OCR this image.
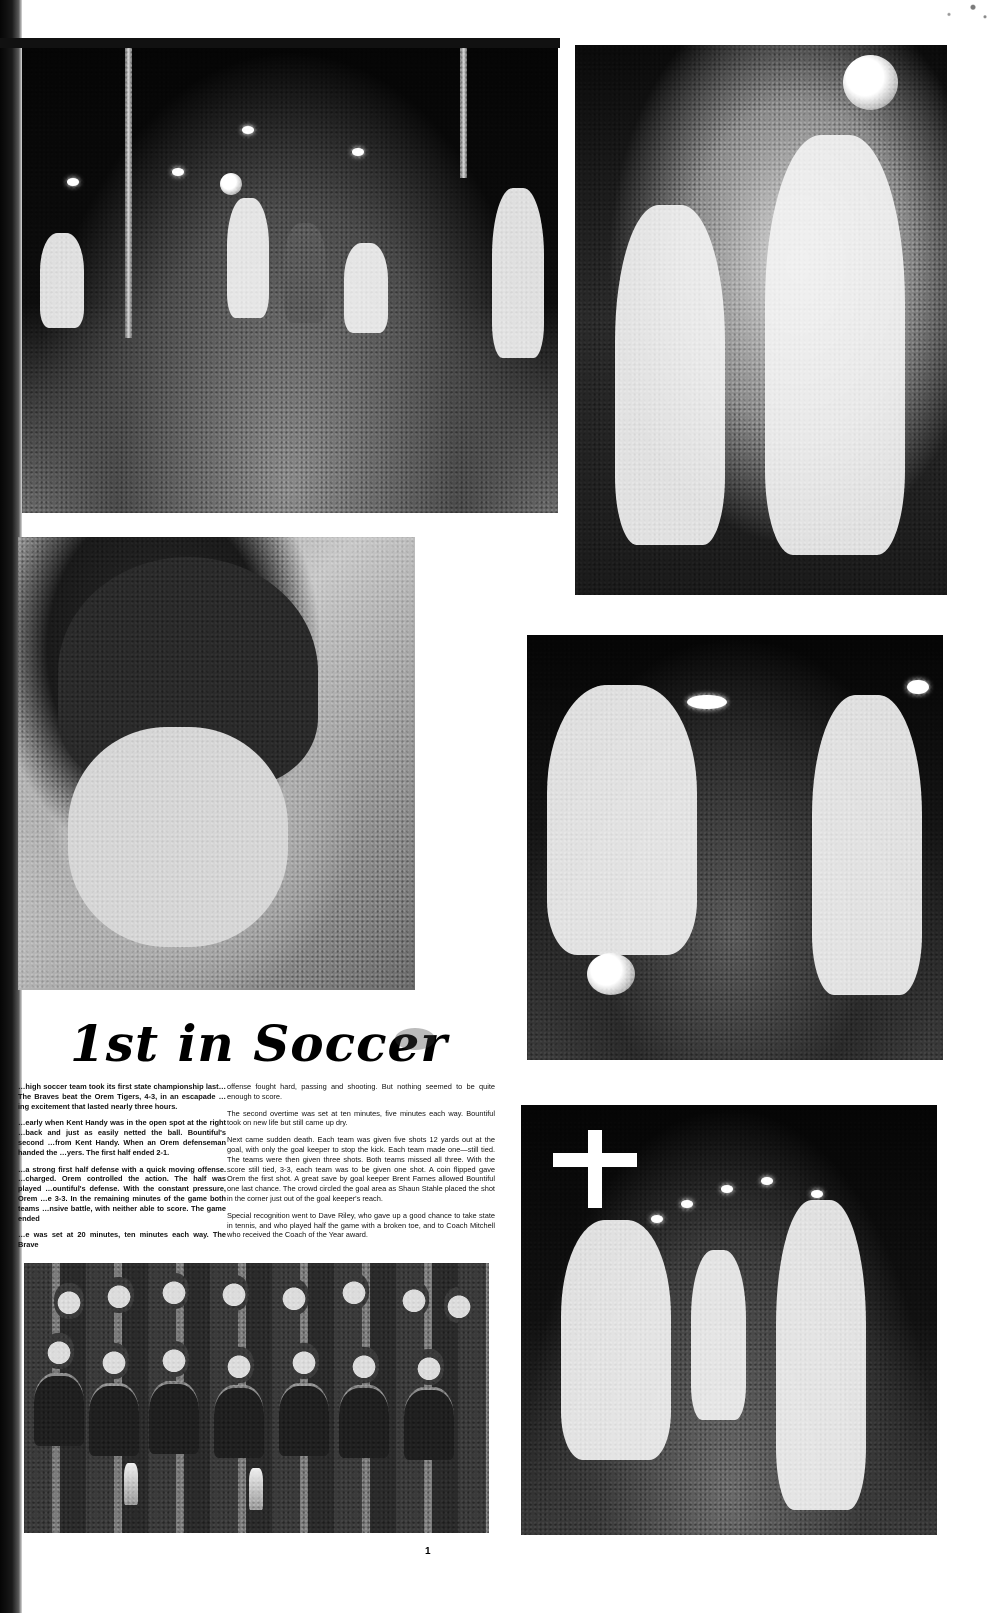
1st in Soccer

…high soccer team took its first state championship last… The Braves beat the Orem Tigers, 4-3, in an escapade …ing excitement that lasted nearly three hours.

…early when Kent Handy was in the open spot at the right …back and just as easily netted the ball. Bountiful's second …from Kent Handy. When an Orem defenseman handed the …yers. The first half ended 2-1.

…a strong first half defense with a quick moving offense. …charged. Orem controlled the action. The half was played …ountiful's defense. With the constant pressure, Orem …e 3-3. In the remaining minutes of the game both teams …nsive battle, with neither able to score. The game ended

…e was set at 20 minutes, ten minutes each way. The Brave

offense fought hard, passing and shooting. But nothing seemed to be quite enough to score.

The second overtime was set at ten minutes, five minutes each way. Bountiful took on new life but still came up dry.

Next came sudden death. Each team was given five shots 12 yards out at the goal, with only the goal keeper to stop the kick. Each team made one—still tied. The teams were then given three shots. Both teams missed all three. With the score still tied, 3-3, each team was to be given one shot. A coin flipped gave Orem the first shot. A great save by goal keeper Brent Farnes allowed Bountiful one last chance. The crowd circled the goal area as Shaun Stahle placed the shot in the corner just out of the goal keeper's reach.

Special recognition went to Dave Riley, who gave up a good chance to take state in tennis, and who played half the game with a broken toe, and to Coach Mitchell who received the Coach of the Year award.

1
